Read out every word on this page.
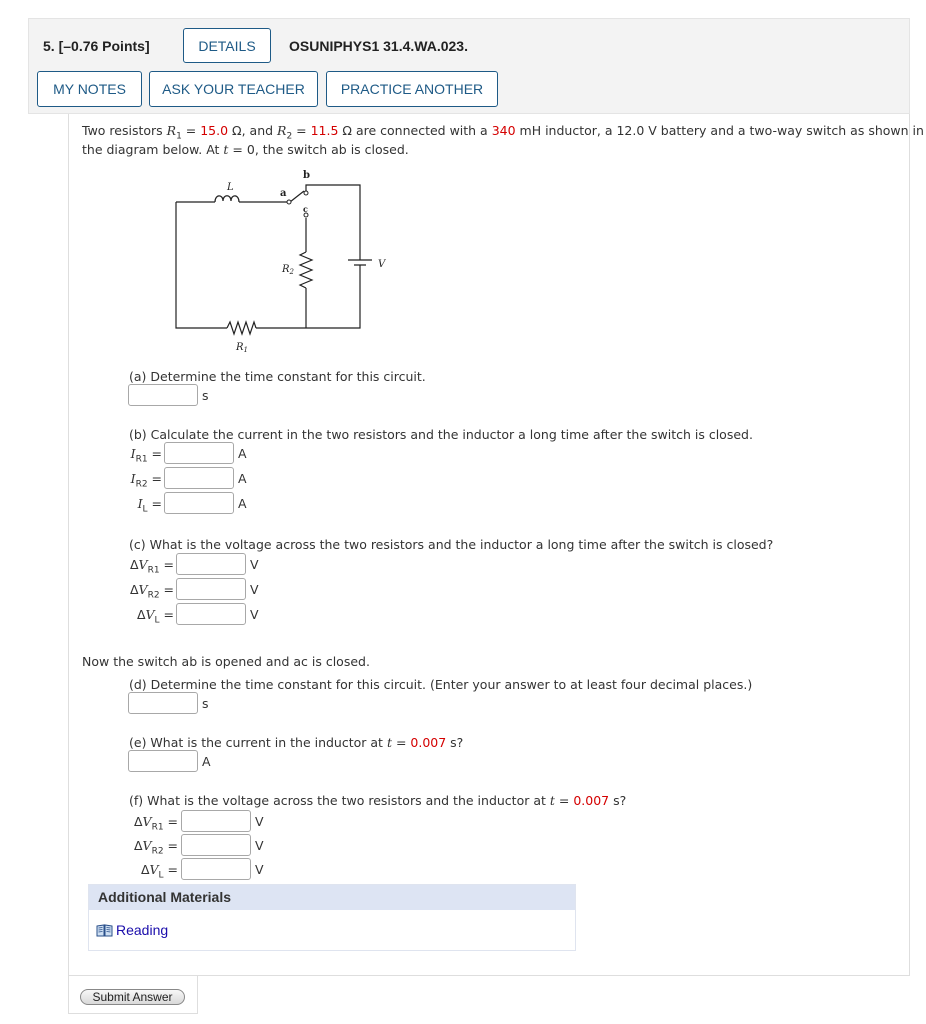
5. [–0.76 Points]	DETAILS	OSUNIPHYS1 31.4.WA.023.
MY NOTES	ASK YOUR TEACHER	PRACTICE ANOTHER
Two resistors $R_1 = 15.0$ Ω, and $R_2 = 11.5$ Ω are connected with a 340 mH inductor, a 12.0 V battery and a two-way switch as shown in
the diagram below. At t = 0, the switch ab is closed.
L
a
b
c
$R_2$
V
$R_1$
(a) Determine the time constant for this circuit.
s
(b) Calculate the current in the two resistors and the inductor a long time after the switch is closed.
$I_{R1}$ =	A
$I_{R2}$ =	A
$I_L$ =	A
(c) What is the voltage across the two resistors and the inductor a long time after the switch is closed?
$\Delta V_{R1}$ =	V
$\Delta V_{R2}$ =	V
$\Delta V_L$ =	V
Now the switch ab is opened and ac is closed.
(d) Determine the time constant for this circuit. (Enter your answer to at least four decimal places.)
s
(e) What is the current in the inductor at t = 0.007 s?
A
(f) What is the voltage across the two resistors and the inductor at t = 0.007 s?
$\Delta V_{R1}$ =	V
$\Delta V_{R2}$ =	V
$\Delta V_L$ =	V
Additional Materials
Reading
Submit Answer
